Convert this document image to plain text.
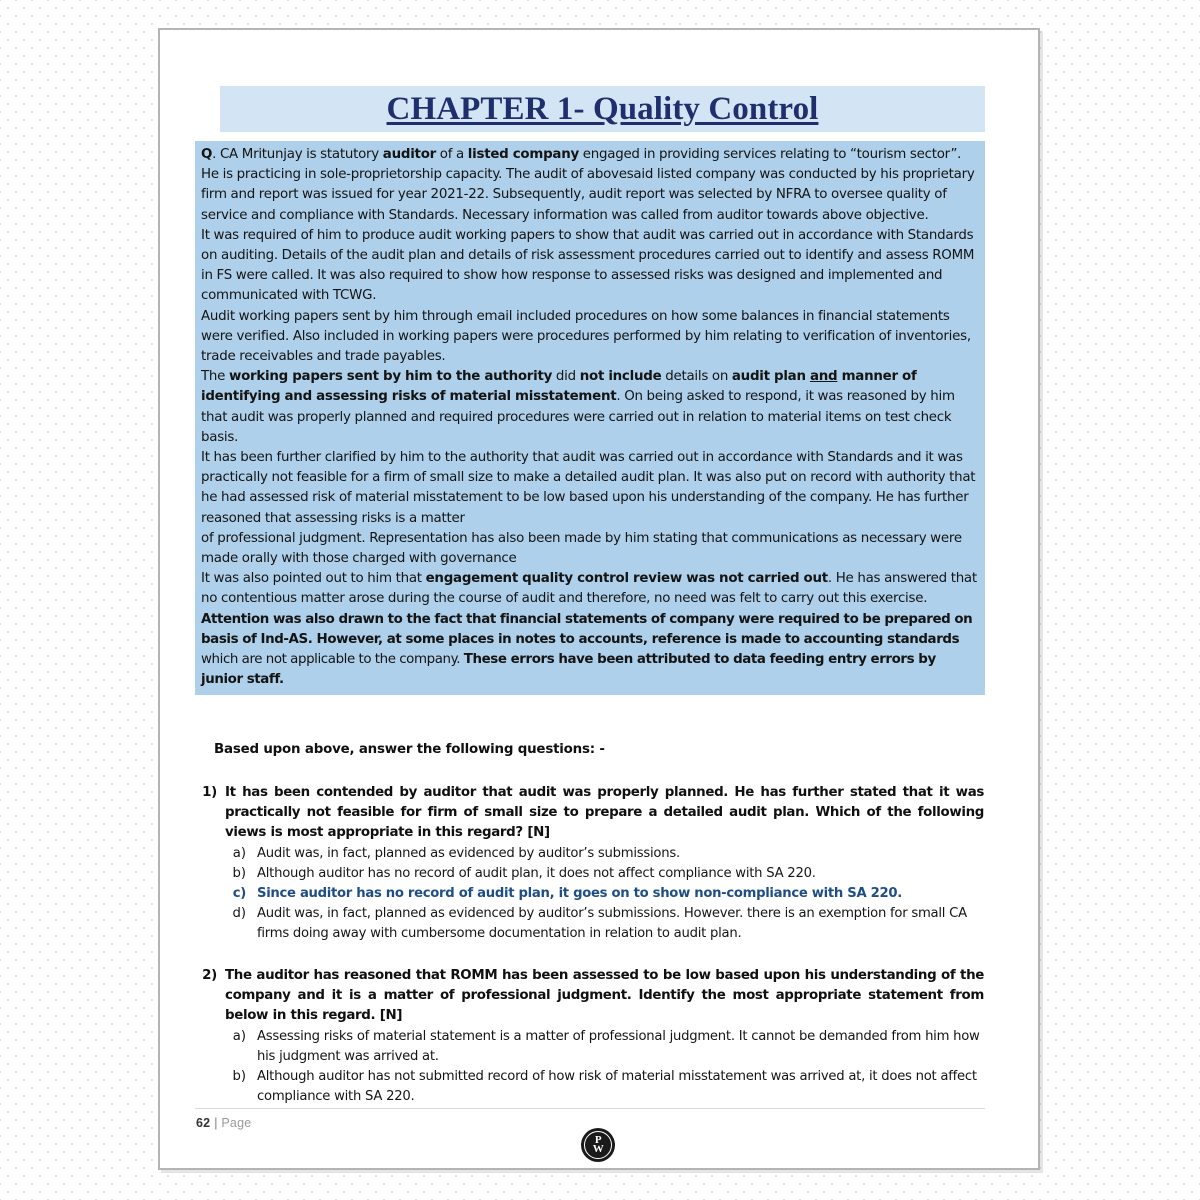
CHAPTER 1- Quality Control

Q. CA Mritunjay is statutory auditor of a listed company engaged in providing services relating to “tourism sector”. He is practicing in sole-proprietorship capacity. The audit of abovesaid listed company was conducted by his proprietary firm and report was issued for year 2021-22. Subsequently, audit report was selected by NFRA to oversee quality of service and compliance with Standards. Necessary information was called from auditor towards above objective.

It was required of him to produce audit working papers to show that audit was carried out in accordance with Standards on auditing. Details of the audit plan and details of risk assessment procedures carried out to identify and assess ROMM in FS were called. It was also required to show how response to assessed risks was designed and implemented and communicated with TCWG.

Audit working papers sent by him through email included procedures on how some balances in financial statements were verified. Also included in working papers were procedures performed by him relating to verification of inventories, trade receivables and trade payables.

The working papers sent by him to the authority did not include details on audit plan and manner of identifying and assessing risks of material misstatement. On being asked to respond, it was reasoned by him that audit was properly planned and required procedures were carried out in relation to material items on test check basis.

It has been further clarified by him to the authority that audit was carried out in accordance with Standards and it was practically not feasible for a firm of small size to make a detailed audit plan. It was also put on record with authority that he had assessed risk of material misstatement to be low based upon his understanding of the company. He has further reasoned that assessing risks is a matter

of professional judgment. Representation has also been made by him stating that communications as necessary were made orally with those charged with governance

It was also pointed out to him that engagement quality control review was not carried out. He has answered that no contentious matter arose during the course of audit and therefore, no need was felt to carry out this exercise.

Attention was also drawn to the fact that financial statements of company were required to be prepared on basis of Ind-AS. However, at some places in notes to accounts, reference is made to accounting standards which are not applicable to the company. These errors have been attributed to data feeding entry errors by junior staff.

Based upon above, answer the following questions: -
1) It has been contended by auditor that audit was properly planned. He has further stated that it was practically not feasible for firm of small size to prepare a detailed audit plan. Which of the following views is most appropriate in this regard? [N]
a) Audit was, in fact, planned as evidenced by auditor’s submissions.
b) Although auditor has no record of audit plan, it does not affect compliance with SA 220.
c) Since auditor has no record of audit plan, it goes on to show non-compliance with SA 220.
d) Audit was, in fact, planned as evidenced by auditor’s submissions. However. there is an exemption for small CA firms doing away with cumbersome documentation in relation to audit plan.
2) The auditor has reasoned that ROMM has been assessed to be low based upon his understanding of the company and it is a matter of professional judgment. Identify the most appropriate statement from below in this regard. [N]
a) Assessing risks of material statement is a matter of professional judgment. It cannot be demanded from him how his judgment was arrived at.
b) Although auditor has not submitted record of how risk of material misstatement was arrived at, it does not affect compliance with SA 220.
62 | Page
P
W
